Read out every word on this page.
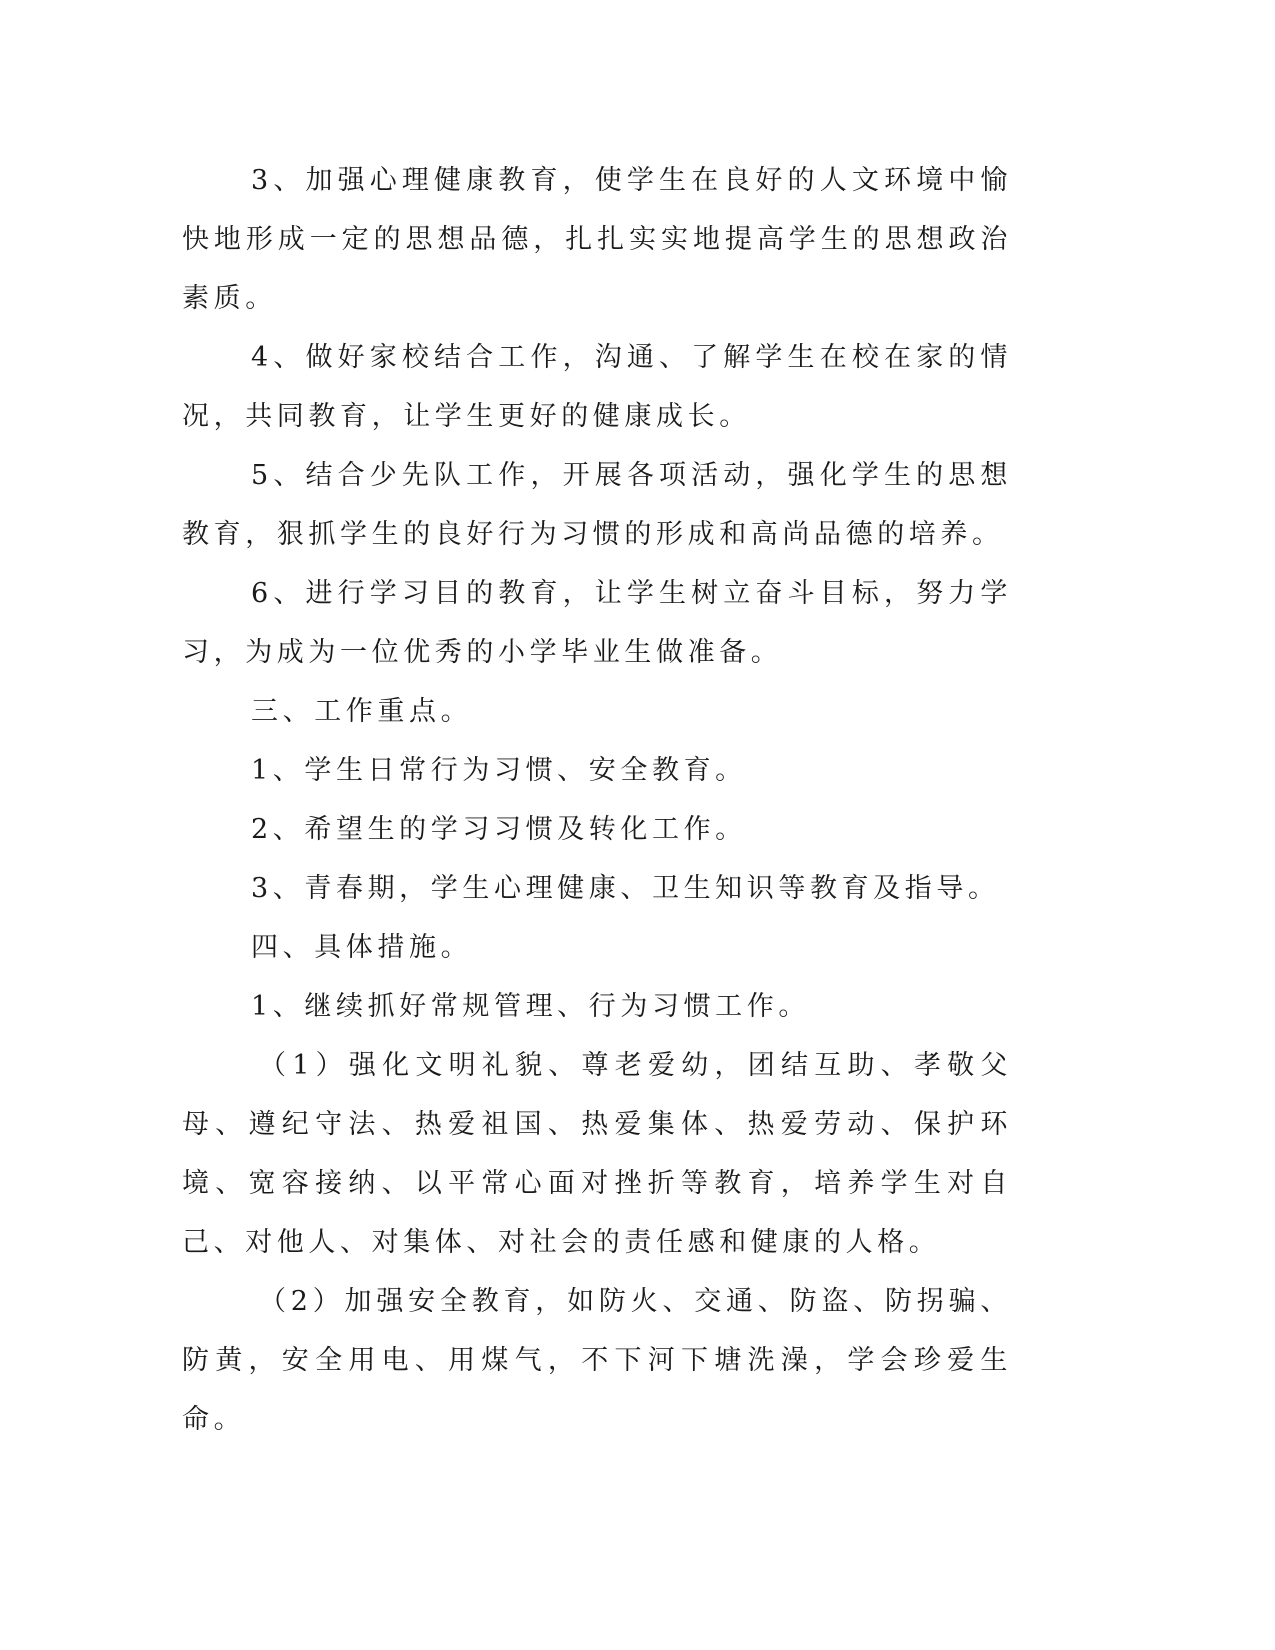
3、加强心理健康教育，使学生在良好的人文环境中愉快地形成一定的思想品德，扎扎实实地提高学生的思想政治素质。

4、做好家校结合工作，沟通、了解学生在校在家的情况，共同教育，让学生更好的健康成长。

5、结合少先队工作，开展各项活动，强化学生的思想教育，狠抓学生的良好行为习惯的形成和高尚品德的培养。

6、进行学习目的教育，让学生树立奋斗目标，努力学习，为成为一位优秀的小学毕业生做准备。

三、工作重点。

1、学生日常行为习惯、安全教育。

2、希望生的学习习惯及转化工作。

3、青春期，学生心理健康、卫生知识等教育及指导。

四、具体措施。

1、继续抓好常规管理、行为习惯工作。

（1）强化文明礼貌、尊老爱幼，团结互助、孝敬父母、遵纪守法、热爱祖国、热爱集体、热爱劳动、保护环境、宽容接纳、以平常心面对挫折等教育，培养学生对自己、对他人、对集体、对社会的责任感和健康的人格。

（2）加强安全教育，如防火、交通、防盗、防拐骗、防黄，安全用电、用煤气，不下河下塘洗澡，学会珍爱生命。
